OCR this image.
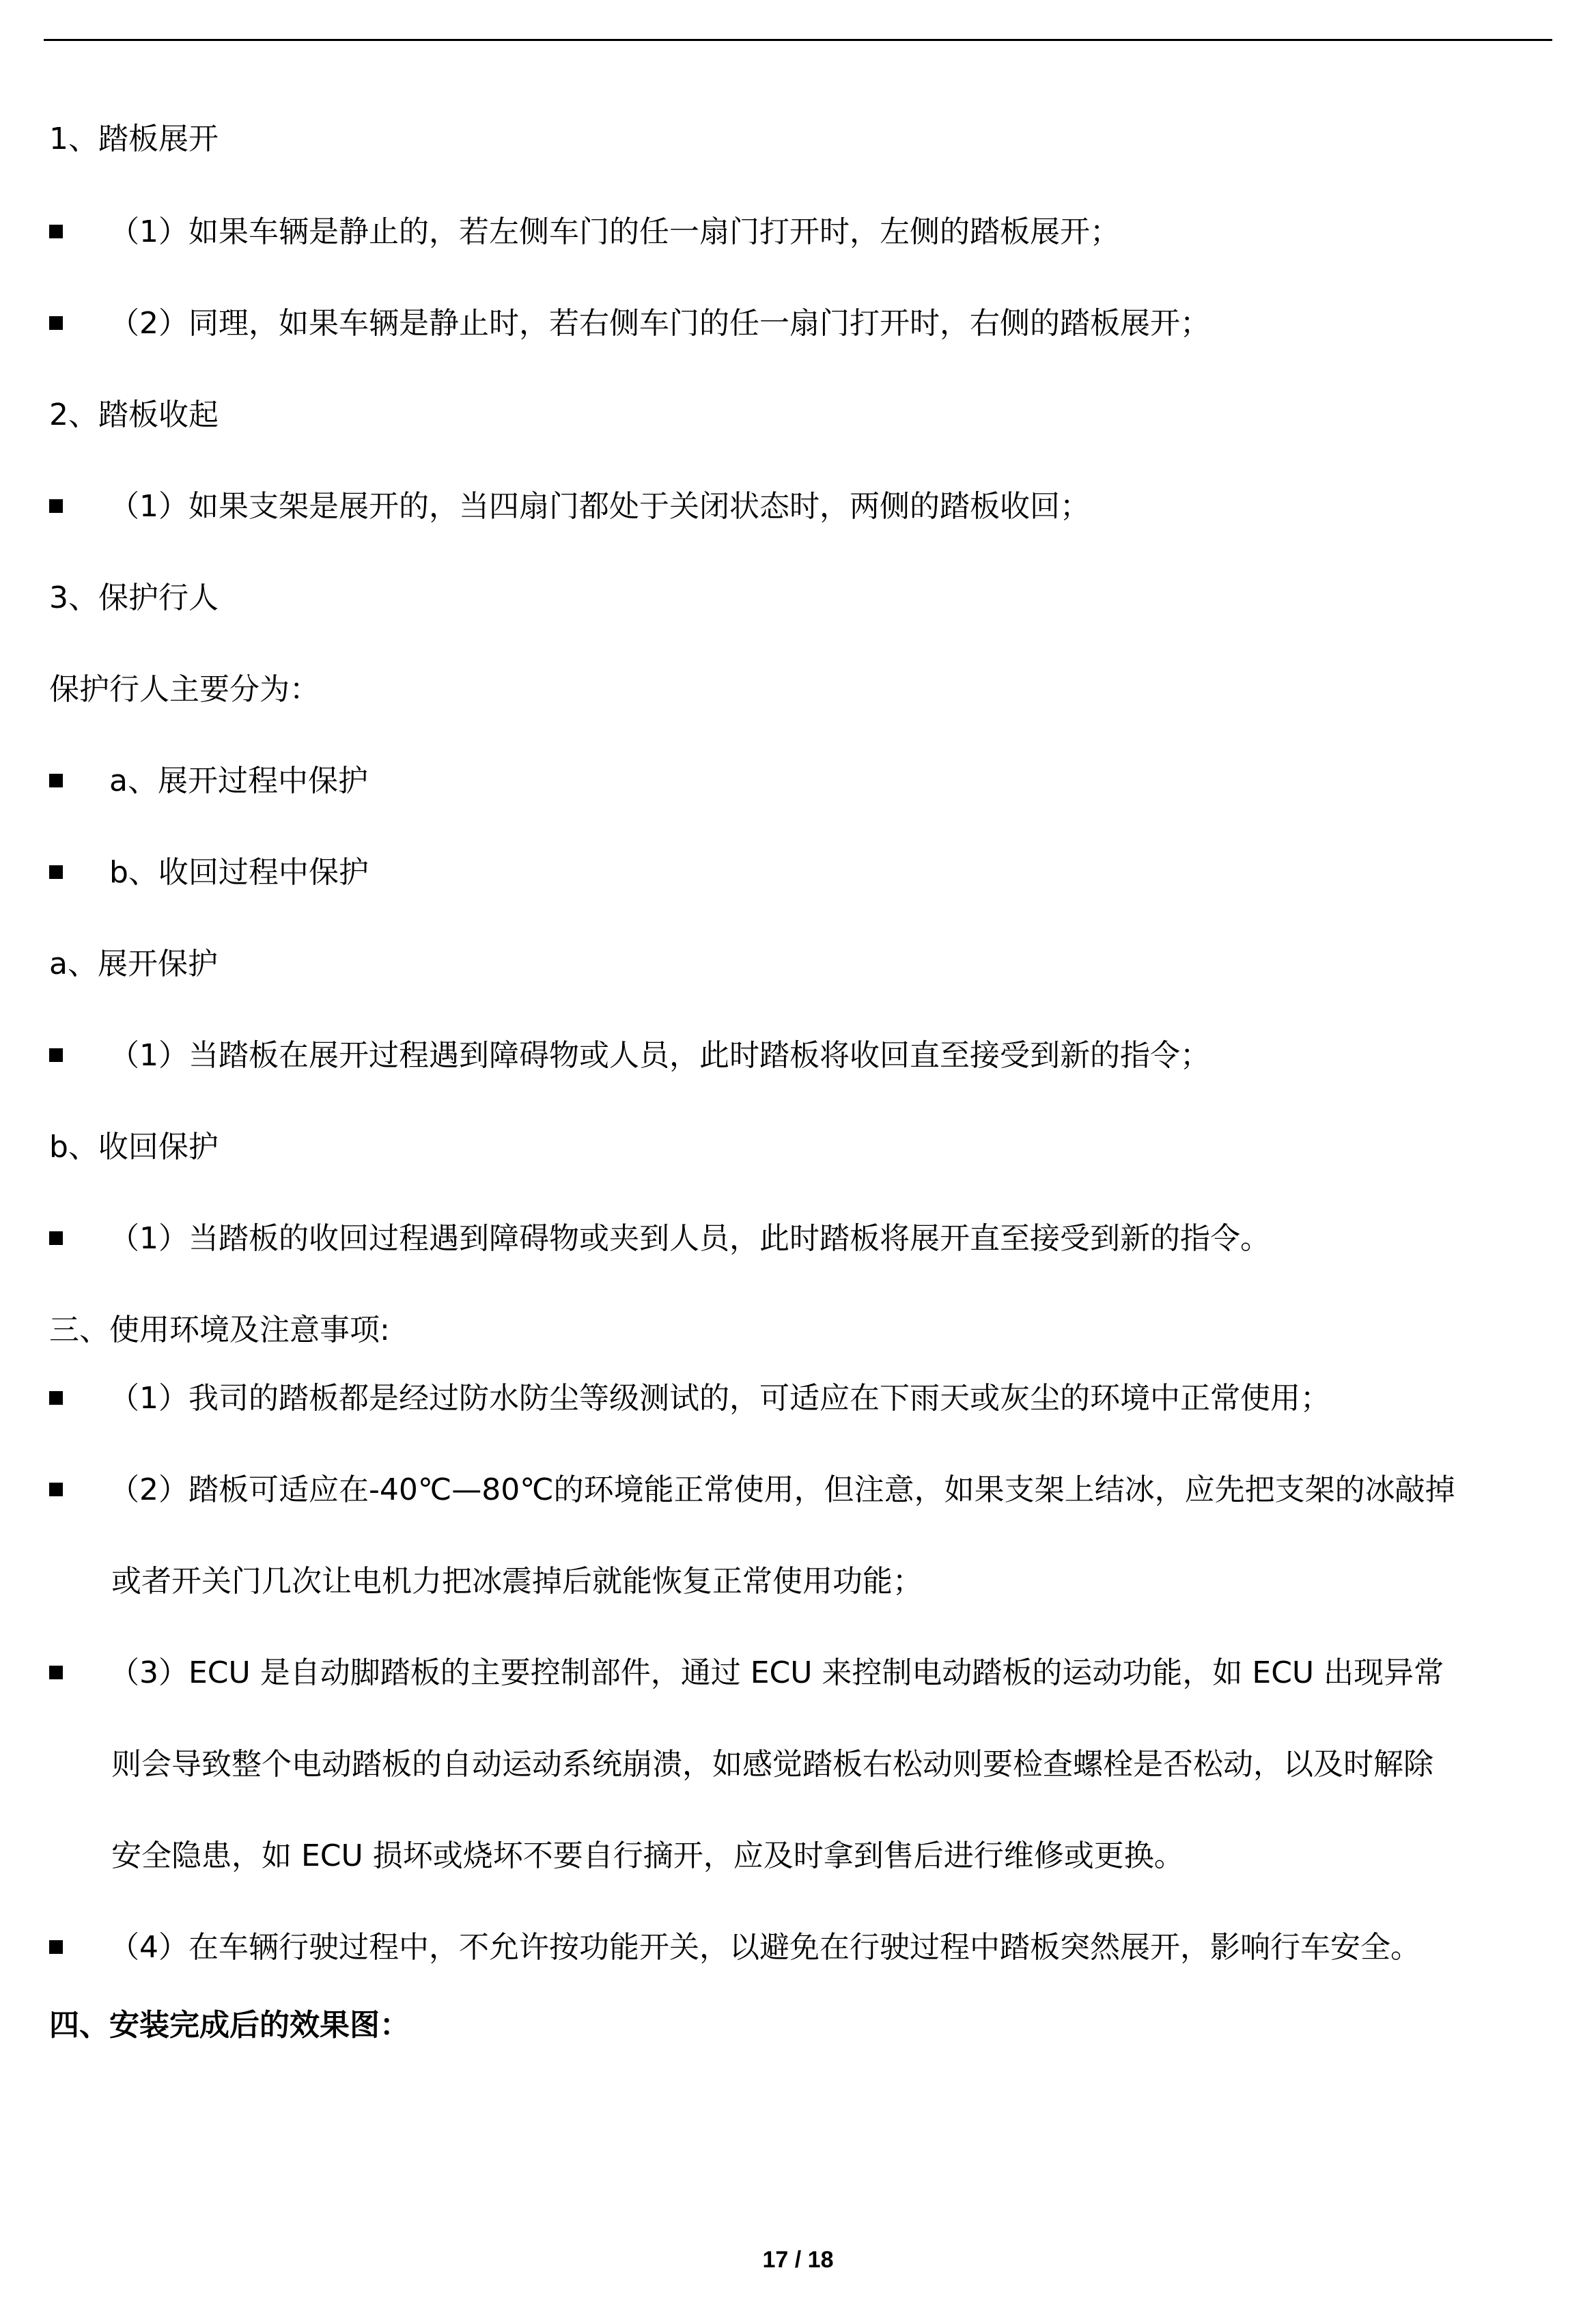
1、踏板展开
（1）如果车辆是静止的，若左侧车门的任一扇门打开时，左侧的踏板展开；
（2）同理，如果车辆是静止时，若右侧车门的任一扇门打开时，右侧的踏板展开；
2、踏板收起
（1）如果支架是展开的，当四扇门都处于关闭状态时，两侧的踏板收回；
3、保护行人
保护行人主要分为：
a、展开过程中保护
b、收回过程中保护
a、展开保护
（1）当踏板在展开过程遇到障碍物或人员，此时踏板将收回直至接受到新的指令；
b、收回保护
（1）当踏板的收回过程遇到障碍物或夹到人员，此时踏板将展开直至接受到新的指令。
三、使用环境及注意事项:
（1）我司的踏板都是经过防水防尘等级测试的，可适应在下雨天或灰尘的环境中正常使用；
（2）踏板可适应在-40℃—80℃的环境能正常使用，但注意，如果支架上结冰，应先把支架的冰敲掉
或者开关门几次让电机力把冰震掉后就能恢复正常使用功能；
（3）ECU 是自动脚踏板的主要控制部件，通过 ECU 来控制电动踏板的运动功能，如 ECU 出现异常
则会导致整个电动踏板的自动运动系统崩溃，如感觉踏板右松动则要检查螺栓是否松动，以及时解除
安全隐患，如 ECU 损坏或烧坏不要自行摘开，应及时拿到售后进行维修或更换。
（4）在车辆行驶过程中，不允许按功能开关，以避免在行驶过程中踏板突然展开，影响行车安全。
四、安装完成后的效果图：
17 / 18
